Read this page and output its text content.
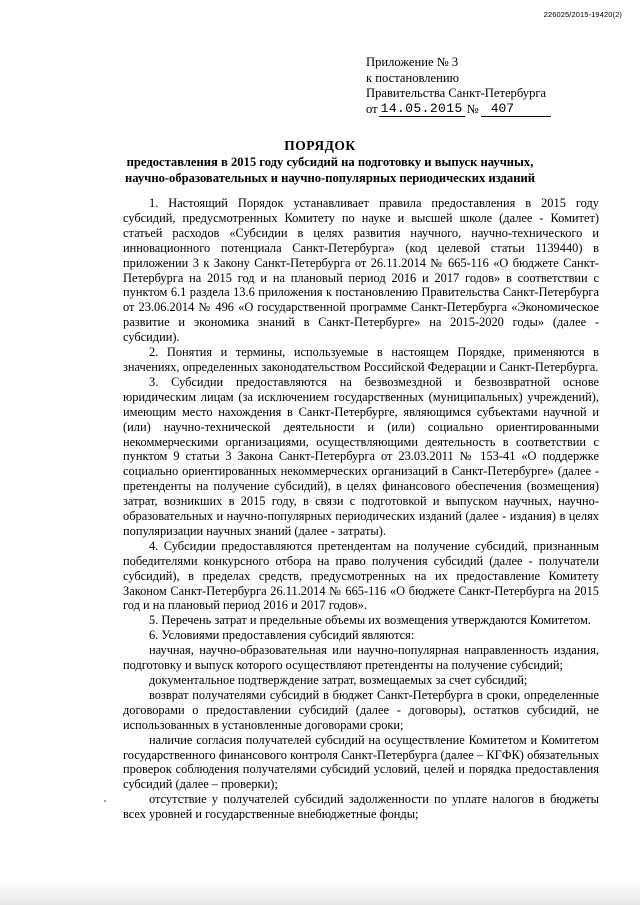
226025/2015-19420(2)
Приложение № 3
к постановлению
Правительства Санкт-Петербурга
от 14.05.2015 № 407
ПОРЯДОК
предоставления в 2015 году субсидий на подготовку и выпуск научных, научно-образовательных и научно-популярных периодических изданий

1. Настоящий Порядок устанавливает правила предоставления в 2015 году субсидий, предусмотренных Комитету по науке и высшей школе (далее - Комитет) статьей расходов «Субсидии в целях развития научного, научно-технического и инновационного потенциала Санкт-Петербурга» (код целевой статьи 1139440) в приложении 3 к Закону Санкт-Петербурга от 26.11.2014 № 665-116 «О бюджете Санкт-Петербурга на 2015 год и на плановый период 2016 и 2017 годов» в соответствии с пунктом 6.1 раздела 13.6 приложения к постановлению Правительства Санкт-Петербурга от 23.06.2014 № 496 «О государственной программе Санкт-Петербурга «Экономическое развитие и экономика знаний в Санкт-Петербурге» на 2015-2020 годы» (далее - субсидии).

2. Понятия и термины, используемые в настоящем Порядке, применяются в значениях, определенных законодательством Российской Федерации и Санкт-Петербурга.

3. Субсидии предоставляются на безвозмездной и безвозвратной основе юридическим лицам (за исключением государственных (муниципальных) учреждений), имеющим место нахождения в Санкт-Петербурге, являющимся субъектами научной и (или) научно-технической деятельности и (или) социально ориентированными некоммерческими организациями, осуществляющими деятельность в соответствии с пунктом 9 статьи 3 Закона Санкт-Петербурга от 23.03.2011 № 153-41 «О поддержке социально ориентированных некоммерческих организаций в Санкт-Петербурге» (далее - претенденты на получение субсидий), в целях финансового обеспечения (возмещения) затрат, возникших в 2015 году, в связи с подготовкой и выпуском научных, научно-образовательных и научно-популярных периодических изданий (далее - издания) в целях популяризации научных знаний (далее - затраты).

4. Субсидии предоставляются претендентам на получение субсидий, признанным победителями конкурсного отбора на право получения субсидий (далее - получатели субсидий), в пределах средств, предусмотренных на их предоставление Комитету Законом Санкт-Петербурга 26.11.2014 № 665-116 «О бюджете Санкт-Петербурга на 2015 год и на плановый период 2016 и 2017 годов».

5. Перечень затрат и предельные объемы их возмещения утверждаются Комитетом.

6. Условиями предоставления субсидий являются:

научная, научно-образовательная или научно-популярная направленность издания, подготовку и выпуск которого осуществляют претенденты на получение субсидий;

документальное подтверждение затрат, возмещаемых за счет субсидий;

возврат получателями субсидий в бюджет Санкт-Петербурга в сроки, определенные договорами о предоставлении субсидий (далее - договоры), остатков субсидий, не использованных в установленные договорами сроки;

наличие согласия получателей субсидий на осуществление Комитетом и Комитетом государственного финансового контроля Санкт-Петербурга (далее – КГФК) обязательных проверок соблюдения получателями субсидий условий, целей и порядка предоставления субсидий (далее – проверки);

отсутствие у получателей субсидий задолженности по уплате налогов в бюджеты всех уровней и государственные внебюджетные фонды;
